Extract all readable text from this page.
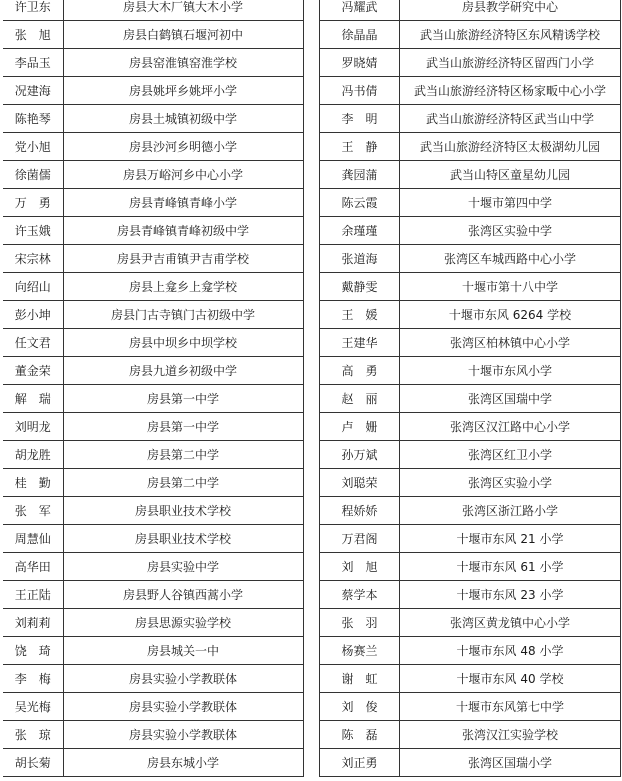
许卫东	房县大木厂镇大木小学
张　旭	房县白鹤镇石堰河初中
李品玉	房县窑淮镇窑淮学校
况建海	房县姚坪乡姚坪小学
陈艳琴	房县土城镇初级中学
党小旭	房县沙河乡明德小学
徐菌儒	房县万峪河乡中心小学
万　勇	房县青峰镇青峰小学
许玉娥	房县青峰镇青峰初级中学
宋宗林	房县尹吉甫镇尹吉甫学校
向绍山	房县上龛乡上龛学校
彭小坤	房县门古寺镇门古初级中学
任文君	房县中坝乡中坝学校
董金荣	房县九道乡初级中学
解　瑞	房县第一中学
刘明龙	房县第一中学
胡龙胜	房县第二中学
桂　勤	房县第二中学
张　军	房县职业技术学校
周慧仙	房县职业技术学校
高华田	房县实验中学
王正陆	房县野人谷镇西蒿小学
刘莉莉	房县思源实验学校
饶　琦	房县城关一中
李　梅	房县实验小学教联体
吴光梅	房县实验小学教联体
张　琼	房县实验小学教联体
胡长菊	房县东城小学
冯耀武	房县教学研究中心
徐晶晶	武当山旅游经济特区东风精诱学校
罗晓婧	武当山旅游经济特区留西门小学
冯书倩	武当山旅游经济特区杨家畈中心小学
李　明	武当山旅游经济特区武当山中学
王　静	武当山旅游经济特区太极湖幼儿园
龚园蒲	武当山特区童星幼儿园
陈云霞	十堰市第四中学
余瑾瑾	张湾区实验中学
张道海	张湾区车城西路中心小学
戴静雯	十堰市第十八中学
王　媛	十堰市东风 6264 学校
王建华	张湾区柏林镇中心小学
高　勇	十堰市东风小学
赵　丽	张湾区国瑞中学
卢　姗	张湾区汉江路中心小学
孙万斌	张湾区红卫小学
刘聪荣	张湾区实验小学
程娇娇	张湾区浙江路小学
万君阁	十堰市东风 21 小学
刘　旭	十堰市东风 61 小学
蔡学本	十堰市东风 23 小学
张　羽	张湾区黄龙镇中心小学
杨赛兰	十堰市东风 48 小学
谢　虹	十堰市东风 40 学校
刘　俊	十堰市东风第七中学
陈　磊	张湾汉江实验学校
刘正勇	张湾区国瑞小学
